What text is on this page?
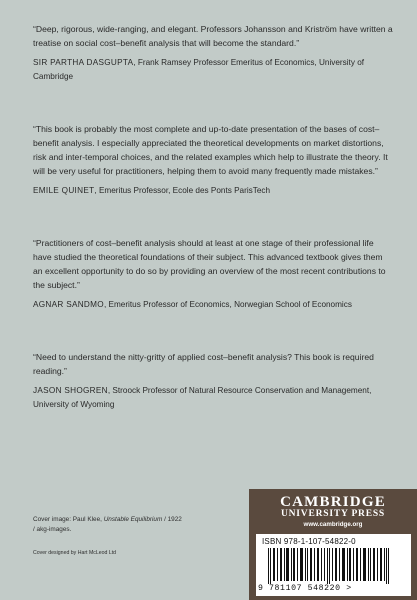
“Deep, rigorous, wide-ranging, and elegant. Professors Johansson and Kriström have written a treatise on social cost–benefit analysis that will become the standard.”

SIR PARTHA DASGUPTA, Frank Ramsey Professor Emeritus of Economics, University of Cambridge

“This book is probably the most complete and up-to-date presentation of the bases of cost–benefit analysis. I especially appreciated the theoretical developments on market distortions, risk and inter-temporal choices, and the related examples which help to illustrate the theory. It will be very useful for practitioners, helping them to avoid many frequently made mistakes.”

EMILE QUINET, Emeritus Professor, Ecole des Ponts ParisTech

“Practitioners of cost–benefit analysis should at least at one stage of their professional life have studied the theoretical foundations of their subject. This advanced textbook gives them an excellent opportunity to do so by providing an overview of the most recent contributions to the subject.”

AGNAR SANDMO, Emeritus Professor of Economics, Norwegian School of Economics

“Need to understand the nitty-gritty of applied cost–benefit analysis? This book is required reading.”

JASON SHOGREN, Stroock Professor of Natural Resource Conservation and Management, University of Wyoming

Cover image: Paul Klee, Unstable Equilibrium / 1922
/ akg-images.
Cover designed by Hart McLeod Ltd
CAMBRIDGE
UNIVERSITY PRESS
www.cambridge.org
ISBN 978-1-107-54822-0
9 781107 548220 >
